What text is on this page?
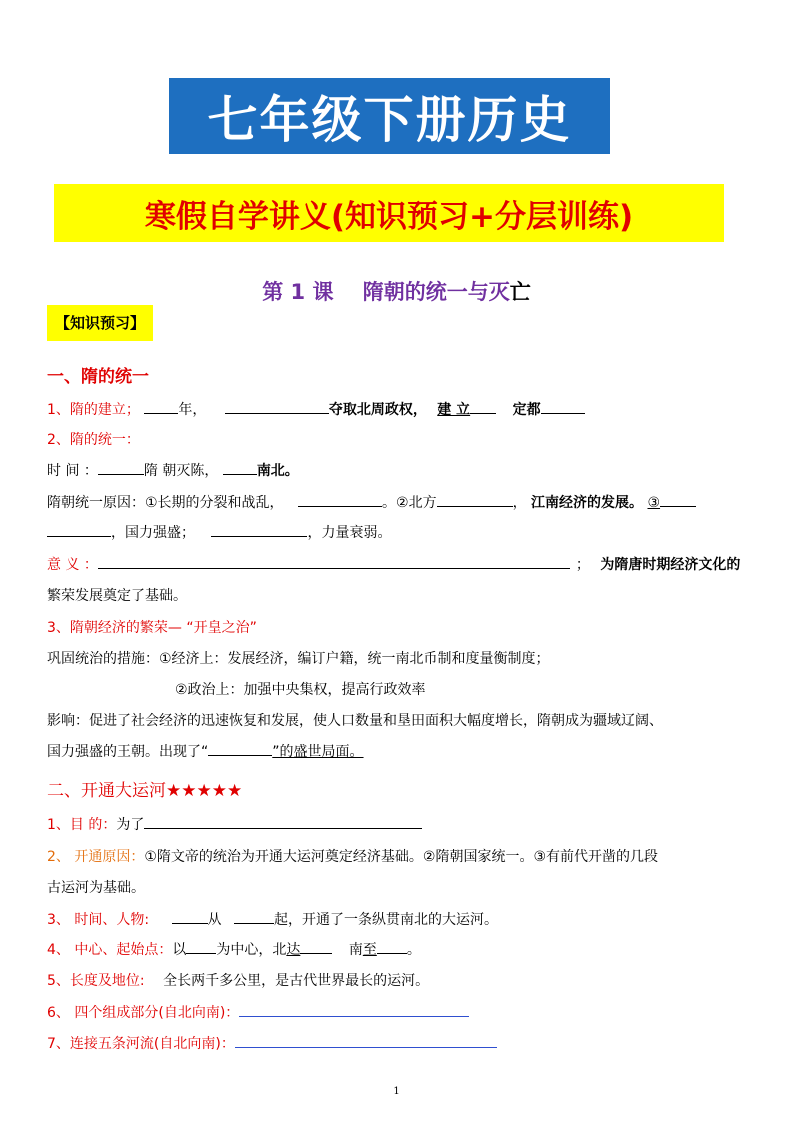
七年级下册历史
寒假自学讲义(知识预习+分层训练)
第 1 课 隋朝的统一与灭亡
【知识预习】
一、隋的统一
1、隋的建立；	年，	夺取北周政权， 建 立	定都
2、隋的统一：
时 间 ：	隋 朝灭陈，	南北。
隋朝统一原因：①长期的分裂和战乱，	。②北方	， 江南经济的发展。 ③
，国力强盛；	，力量衰弱。
意 义 ：	； 为隋唐时期经济文化的
繁荣发展奠定了基础。
3、隋朝经济的繁荣— “开皇之治”
巩固统治的措施：①经济上：发展经济，编订户籍，统一南北币制和度量衡制度；
②政治上：加强中央集权，提高行政效率
影响：促进了社会经济的迅速恢复和发展，使人口数量和垦田面积大幅度增长，隋朝成为疆域辽阔、
国力强盛的王朝。出现了“	”的盛世局面。
二、开通大运河★★★★★
1、目 的：为了
2、 开通原因：①隋文帝的统治为开通大运河奠定经济基础。②隋朝国家统一。③有前代开凿的几段
古运河为基础。
3、 时间、人物:	从	起，开通了一条纵贯南北的大运河。
4、 中心、起始点：以 为中心，北达	南至 。
5、长度及地位: 全长两千多公里，是古代世界最长的运河。
6、 四个组成部分(自北向南)：
7、连接五条河流(自北向南)：
1
